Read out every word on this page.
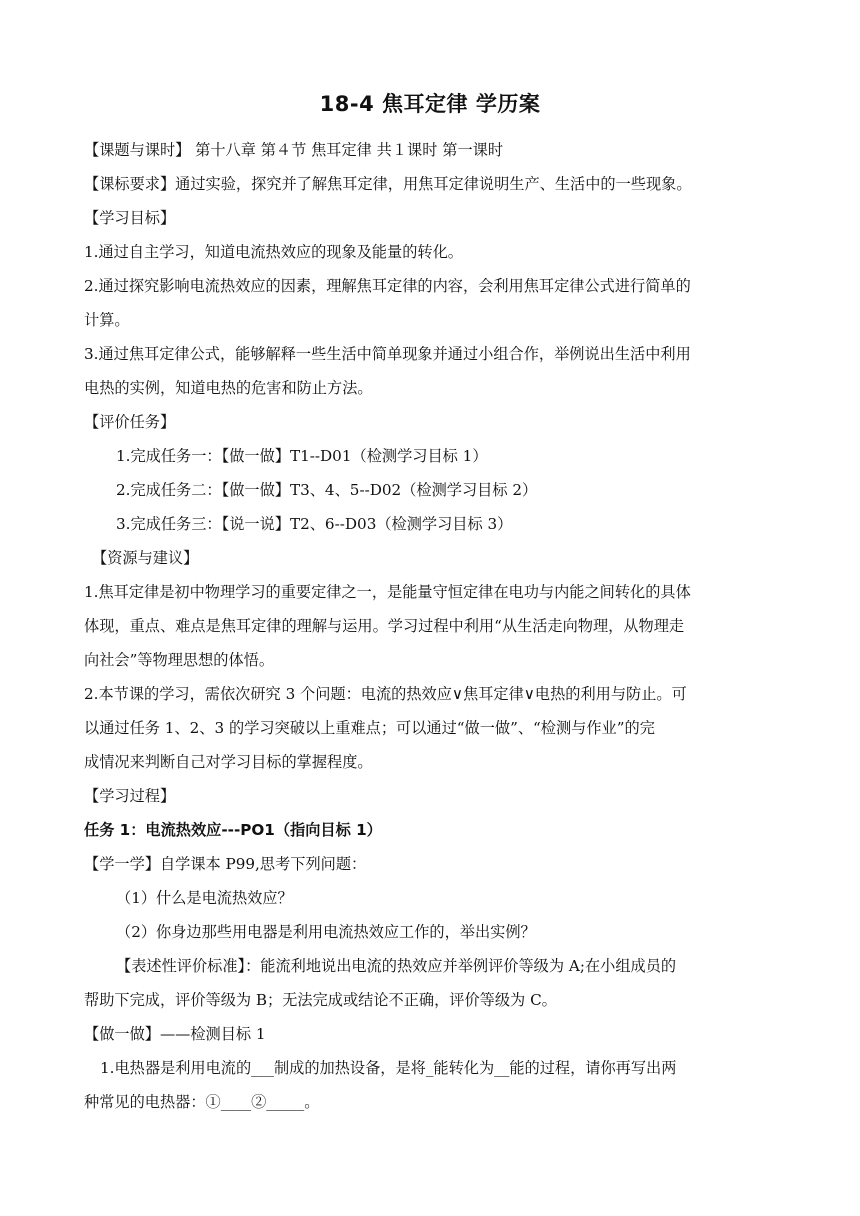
18-4 焦耳定律 学历案
【课题与课时】 第十八章 第４节 焦耳定律 共１课时 第一课时
【课标要求】通过实验，探究并了解焦耳定律，用焦耳定律说明生产、生活中的一些现象。
【学习目标】
1.通过自主学习，知道电流热效应的现象及能量的转化。
2.通过探究影响电流热效应的因素，理解焦耳定律的内容，会利用焦耳定律公式进行简单的
计算。
3.通过焦耳定律公式，能够解释一些生活中简单现象并通过小组合作，举例说出生活中利用
电热的实例，知道电热的危害和防止方法。
【评价任务】
1.完成任务一：【做一做】T1--D01（检测学习目标 1）
2.完成任务二：【做一做】T3、4、5--D02（检测学习目标 2）
3.完成任务三：【说一说】T2、6--D03（检测学习目标 3）
【资源与建议】
1.焦耳定律是初中物理学习的重要定律之一，是能量守恒定律在电功与内能之间转化的具体
体现，重点、难点是焦耳定律的理解与运用。学习过程中利用“从生活走向物理，从物理走
向社会”等物理思想的体悟。
2.本节课的学习，需依次研究 3 个问题：电流的热效应∨焦耳定律∨电热的利用与防止。可
以通过任务 1、2、3 的学习突破以上重难点；可以通过“做一做”、“检测与作业”的完
成情况来判断自己对学习目标的掌握程度。
【学习过程】
任务 1：电流热效应---PO1（指向目标 1）
【学一学】自学课本 P99,思考下列问题：
（1）什么是电流热效应？
（2）你身边那些用电器是利用电流热效应工作的，举出实例？
【表述性评价标准】：能流利地说出电流的热效应并举例评价等级为 A;在小组成员的
帮助下完成，评价等级为 B；无法完成或结论不正确，评价等级为 C。
【做一做】——检测目标 1
1.电热器是利用电流的___制成的加热设备，是将_能转化为__能的过程，请你再写出两
种常见的电热器：①____②_____。
